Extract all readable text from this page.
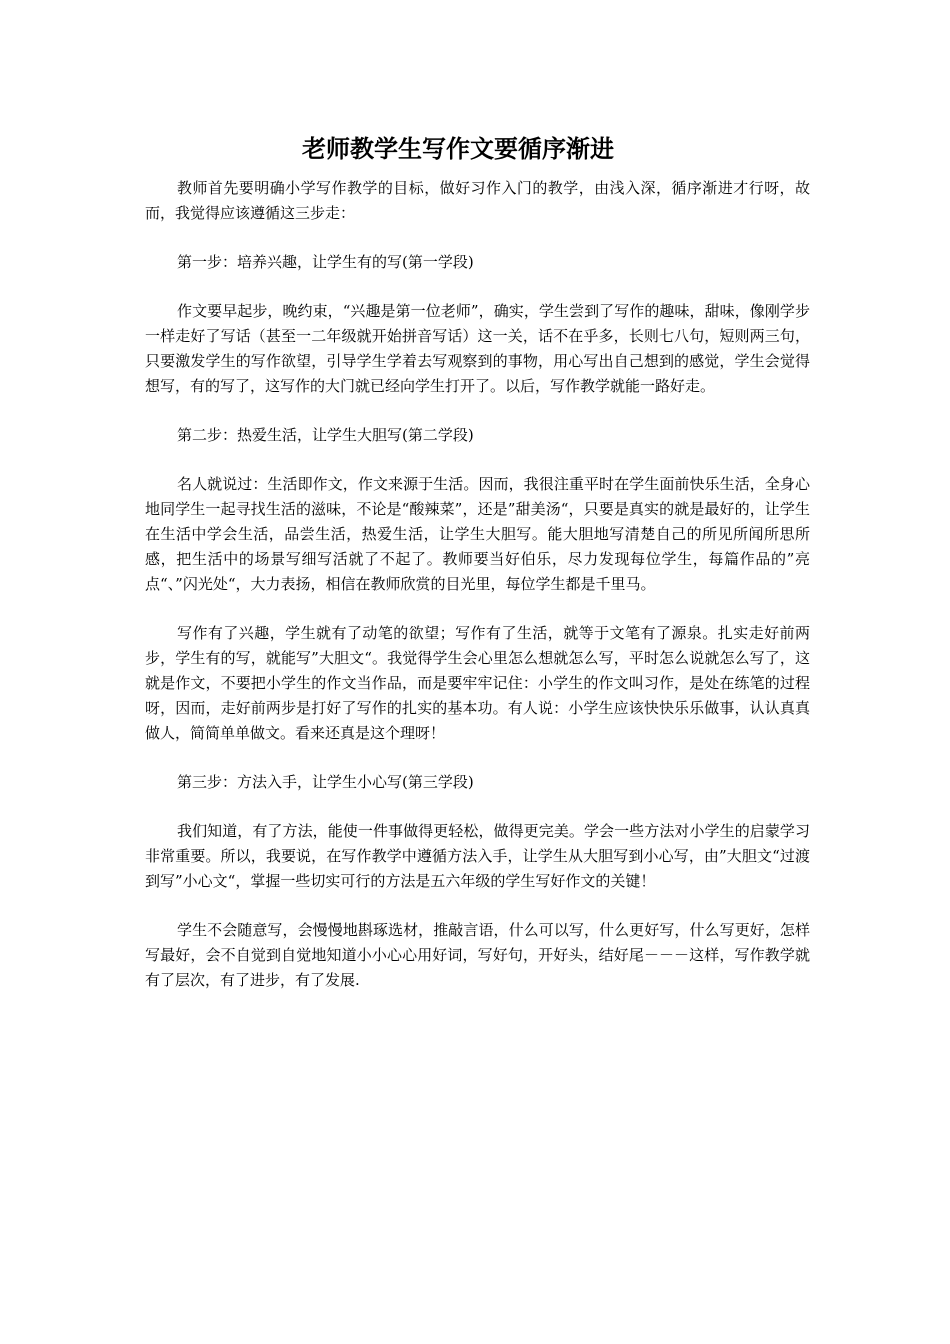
老师教学生写作文要循序渐进

教师首先要明确小学写作教学的目标，做好习作入门的教学，由浅入深，循序渐进才行呀，故而，我觉得应该遵循这三步走：

第一步：培养兴趣，让学生有的写(第一学段)

作文要早起步，晚约束，“兴趣是第一位老师”，确实，学生尝到了写作的趣味，甜味，像刚学步一样走好了写话（甚至一二年级就开始拼音写话）这一关，话不在乎多，长则七八句，短则两三句，只要激发学生的写作欲望，引导学生学着去写观察到的事物，用心写出自己想到的感觉，学生会觉得想写，有的写了，这写作的大门就已经向学生打开了。以后，写作教学就能一路好走。

第二步：热爱生活，让学生大胆写(第二学段)

名人就说过：生活即作文，作文来源于生活。因而，我很注重平时在学生面前快乐生活，全身心地同学生一起寻找生活的滋味，不论是“酸辣菜”，还是”甜美汤“，只要是真实的就是最好的，让学生在生活中学会生活，品尝生活，热爱生活，让学生大胆写。能大胆地写清楚自己的所见所闻所思所感，把生活中的场景写细写活就了不起了。教师要当好伯乐，尽力发现每位学生，每篇作品的”亮点“、”闪光处“，大力表扬，相信在教师欣赏的目光里，每位学生都是千里马。

写作有了兴趣，学生就有了动笔的欲望；写作有了生活，就等于文笔有了源泉。扎实走好前两步，学生有的写，就能写”大胆文“。我觉得学生会心里怎么想就怎么写，平时怎么说就怎么写了，这就是作文，不要把小学生的作文当作品，而是要牢牢记住：小学生的作文叫习作，是处在练笔的过程呀，因而，走好前两步是打好了写作的扎实的基本功。有人说：小学生应该快快乐乐做事，认认真真做人，简简单单做文。看来还真是这个理呀！

第三步：方法入手，让学生小心写(第三学段)

我们知道，有了方法，能使一件事做得更轻松，做得更完美。学会一些方法对小学生的启蒙学习非常重要。所以，我要说，在写作教学中遵循方法入手，让学生从大胆写到小心写，由”大胆文“过渡到写”小心文“，掌握一些切实可行的方法是五六年级的学生写好作文的关键！

学生不会随意写，会慢慢地斟琢选材，推敲言语，什么可以写，什么更好写，什么写更好，怎样写最好，会不自觉到自觉地知道小小心心用好词，写好句，开好头，结好尾－－－这样，写作教学就有了层次，有了进步，有了发展.
